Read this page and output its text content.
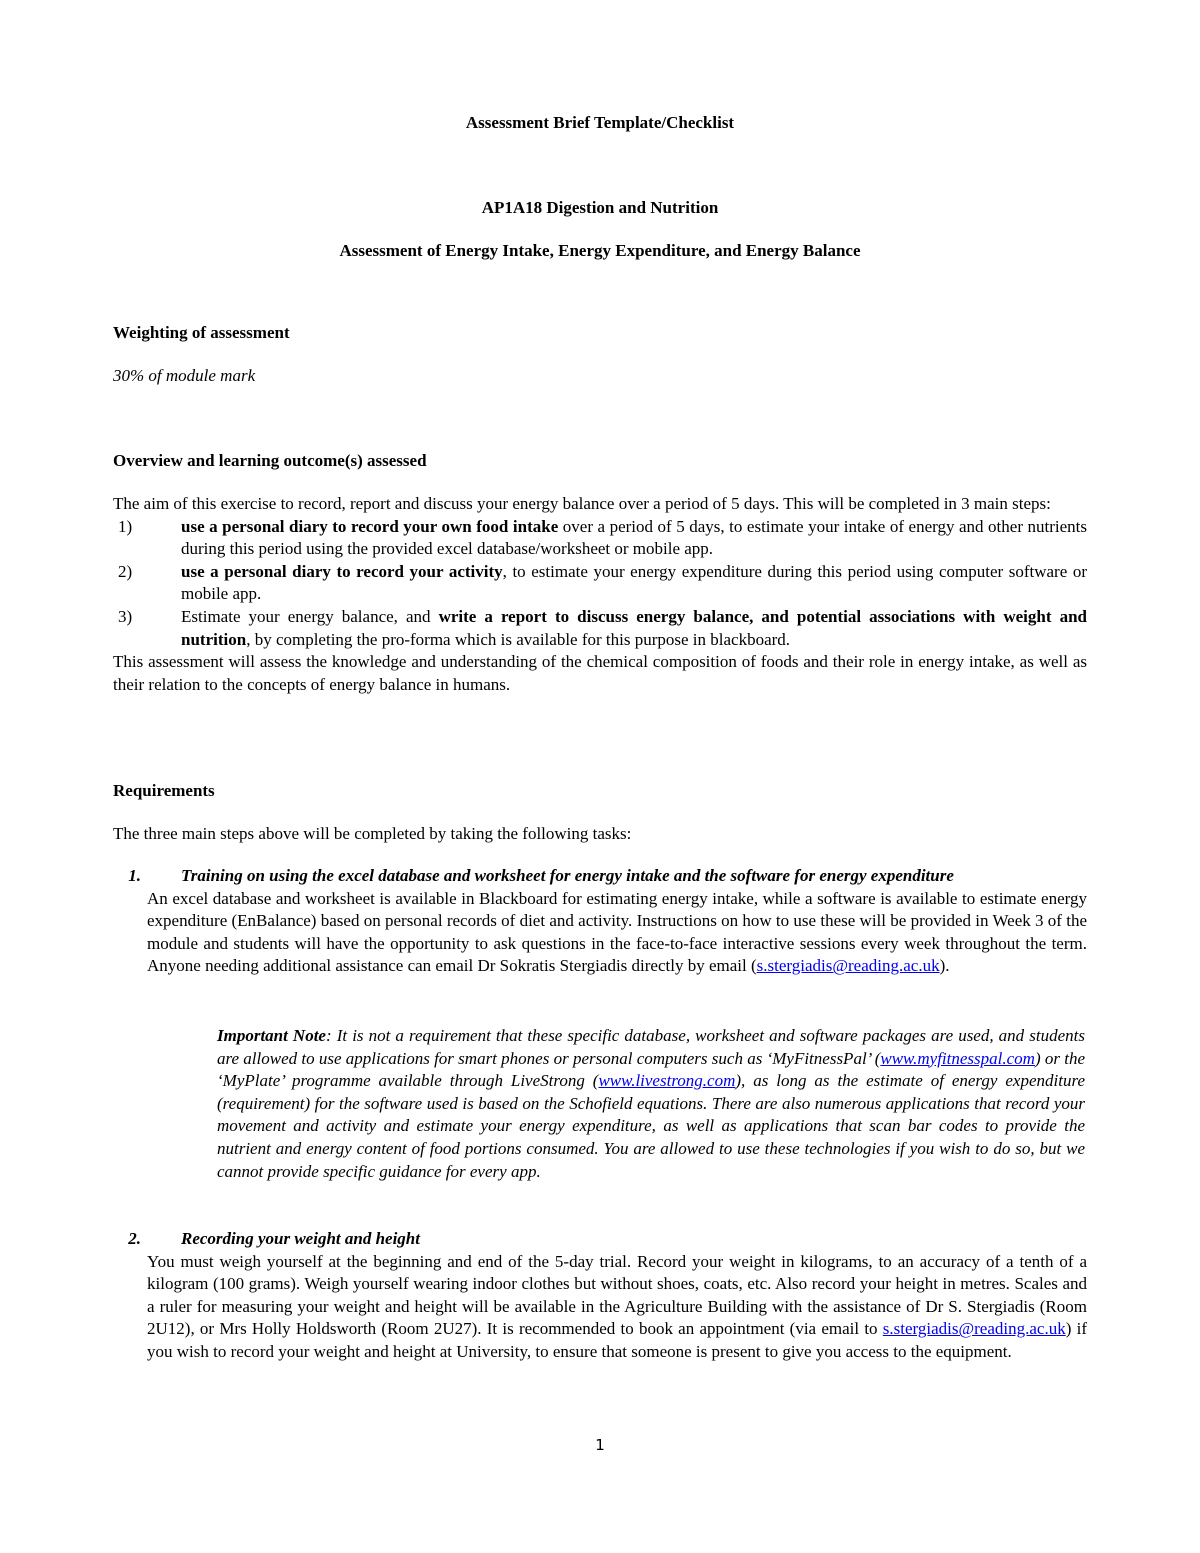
Assessment Brief Template/Checklist
AP1A18 Digestion and Nutrition
Assessment of Energy Intake, Energy Expenditure, and Energy Balance
Weighting of assessment
30% of module mark
Overview and learning outcome(s) assessed
The aim of this exercise to record, report and discuss your energy balance over a period of 5 days. This will be completed in 3 main steps:
1)	use a personal diary to record your own food intake over a period of 5 days, to estimate your intake of energy and other nutrients during this period using the provided excel database/worksheet or mobile app.
2)	use a personal diary to record your activity, to estimate your energy expenditure during this period using computer software or mobile app.
3)	Estimate your energy balance, and write a report to discuss energy balance, and potential associations with weight and nutrition, by completing the pro-forma which is available for this purpose in blackboard.
This assessment will assess the knowledge and understanding of the chemical composition of foods and their role in energy intake, as well as their relation to the concepts of energy balance in humans.
Requirements
The three main steps above will be completed by taking the following tasks:
1.	Training on using the excel database and worksheet for energy intake and the software for energy expenditure
An excel database and worksheet is available in Blackboard for estimating energy intake, while a software is available to estimate energy expenditure (EnBalance) based on personal records of diet and activity. Instructions on how to use these will be provided in Week 3 of the module and students will have the opportunity to ask questions in the face-to-face interactive sessions every week throughout the term. Anyone needing additional assistance can email Dr Sokratis Stergiadis directly by email (s.stergiadis@reading.ac.uk).
Important Note: It is not a requirement that these specific database, worksheet and software packages are used, and students are allowed to use applications for smart phones or personal computers such as ‘MyFitnessPal’ (www.myfitnesspal.com) or the ‘MyPlate’ programme available through LiveStrong (www.livestrong.com), as long as the estimate of energy expenditure (requirement) for the software used is based on the Schofield equations. There are also numerous applications that record your movement and activity and estimate your energy expenditure, as well as applications that scan bar codes to provide the nutrient and energy content of food portions consumed. You are allowed to use these technologies if you wish to do so, but we cannot provide specific guidance for every app.
2.	Recording your weight and height
You must weigh yourself at the beginning and end of the 5-day trial. Record your weight in kilograms, to an accuracy of a tenth of a kilogram (100 grams). Weigh yourself wearing indoor clothes but without shoes, coats, etc. Also record your height in metres. Scales and a ruler for measuring your weight and height will be available in the Agriculture Building with the assistance of Dr S. Stergiadis (Room 2U12), or Mrs Holly Holdsworth (Room 2U27). It is recommended to book an appointment (via email to s.stergiadis@reading.ac.uk) if you wish to record your weight and height at University, to ensure that someone is present to give you access to the equipment.
1
